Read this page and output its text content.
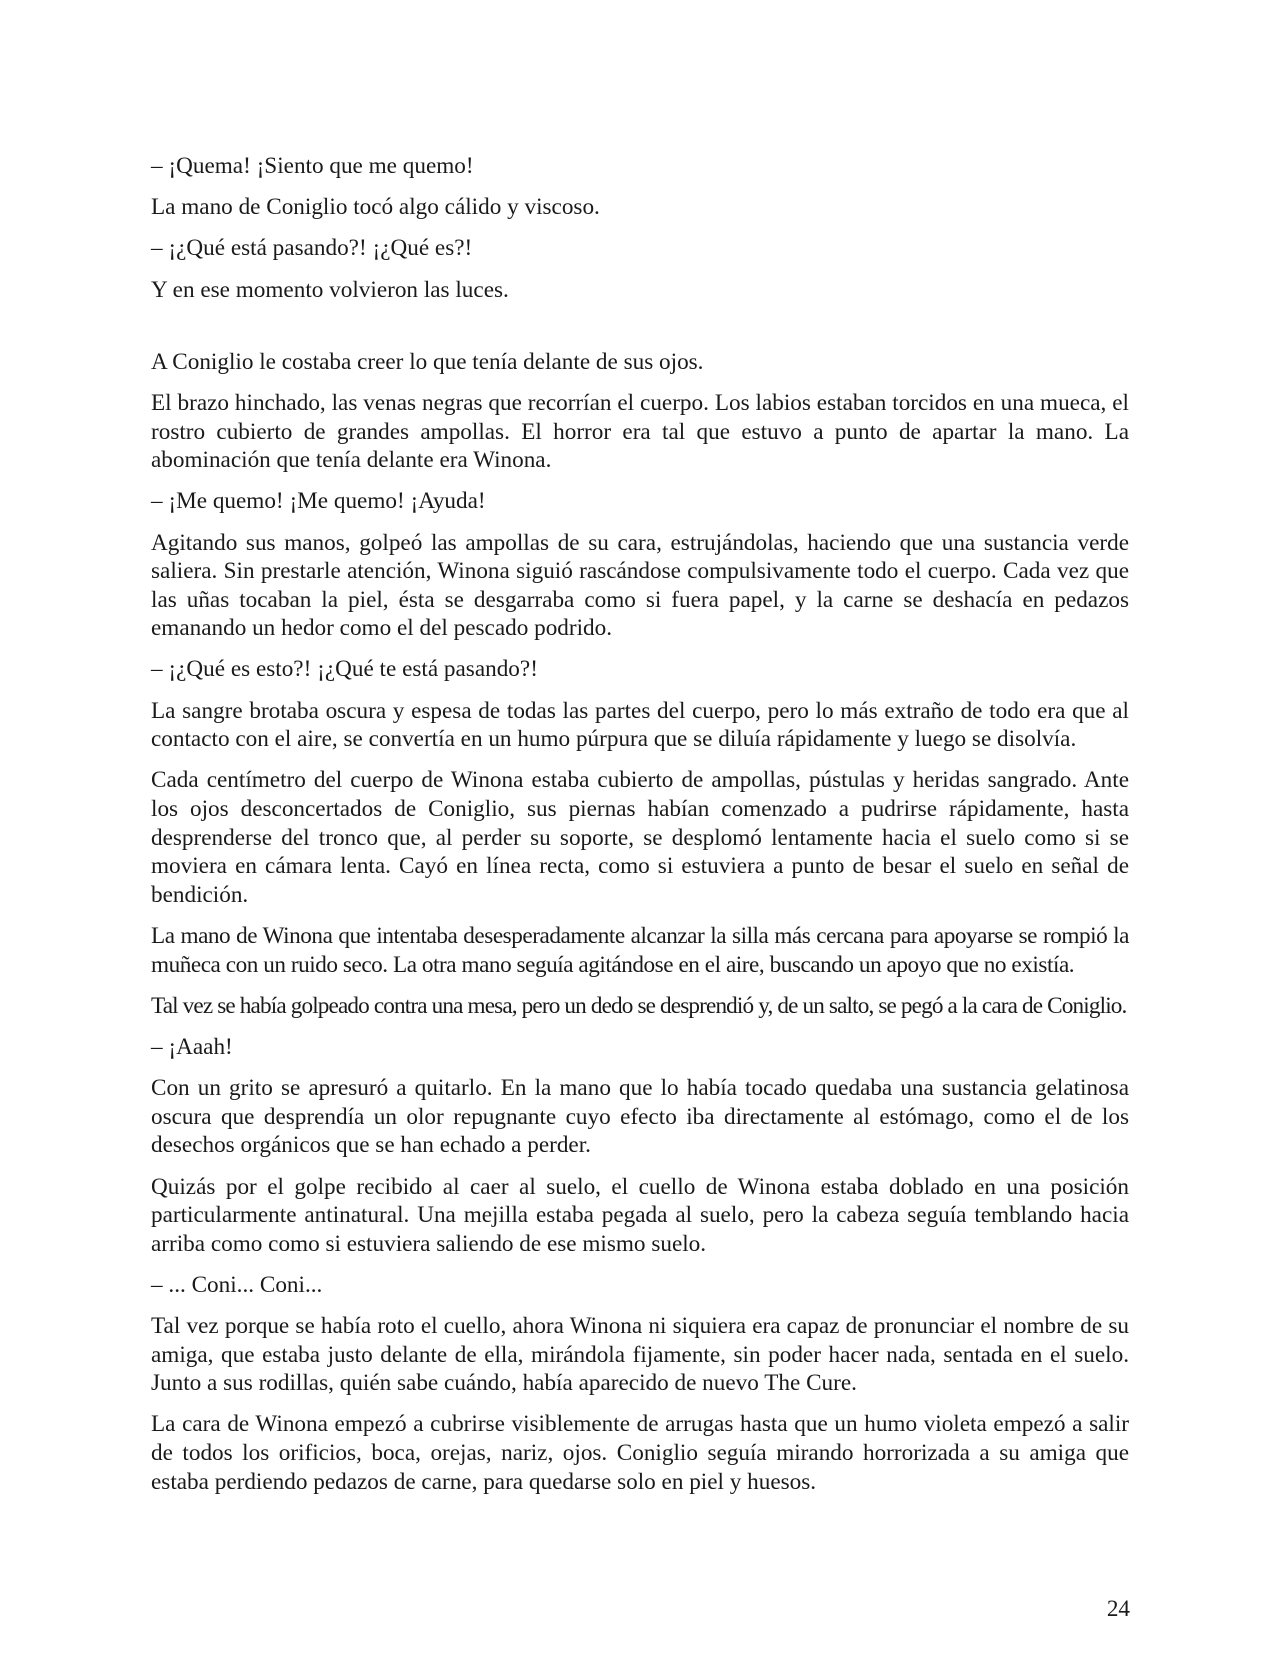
– ¡Quema! ¡Siento que me quemo!

La mano de Coniglio tocó algo cálido y viscoso.

– ¡¿Qué está pasando?! ¡¿Qué es?!

Y en ese momento volvieron las luces.

A Coniglio le costaba creer lo que tenía delante de sus ojos.

El brazo hinchado, las venas negras que recorrían el cuerpo. Los labios estaban torcidos en una mueca, el rostro cubierto de grandes ampollas. El horror era tal que estuvo a punto de apartar la mano. La abominación que tenía delante era Winona.

– ¡Me quemo! ¡Me quemo! ¡Ayuda!

Agitando sus manos, golpeó las ampollas de su cara, estrujándolas, haciendo que una sustancia verde saliera. Sin prestarle atención, Winona siguió rascándose compulsivamente todo el cuerpo. Cada vez que las uñas tocaban la piel, ésta se desgarraba como si fuera papel, y la carne se deshacía en pedazos emanando un hedor como el del pescado podrido.

– ¡¿Qué es esto?! ¡¿Qué te está pasando?!

La sangre brotaba oscura y espesa de todas las partes del cuerpo, pero lo más extraño de todo era que al contacto con el aire, se convertía en un humo púrpura que se diluía rápidamente y luego se disolvía.

Cada centímetro del cuerpo de Winona estaba cubierto de ampollas, pústulas y heridas sangrado. Ante los ojos desconcertados de Coniglio, sus piernas habían comenzado a pudrirse rápidamente, hasta desprenderse del tronco que, al perder su soporte, se desplomó lentamente hacia el suelo como si se moviera en cámara lenta. Cayó en línea recta, como si estuviera a punto de besar el suelo en señal de bendición.

La mano de Winona que intentaba desesperadamente alcanzar la silla más cercana para apoyarse se rompió la muñeca con un ruido seco. La otra mano seguía agitándose en el aire, buscando un apoyo que no existía.

Tal vez se había golpeado contra una mesa, pero un dedo se desprendió y, de un salto, se pegó a la cara de Coniglio.

– ¡Aaah!

Con un grito se apresuró a quitarlo. En la mano que lo había tocado quedaba una sustancia gelatinosa oscura que desprendía un olor repugnante cuyo efecto iba directamente al estómago, como el de los desechos orgánicos que se han echado a perder.

Quizás por el golpe recibido al caer al suelo, el cuello de Winona estaba doblado en una posición particularmente antinatural. Una mejilla estaba pegada al suelo, pero la cabeza seguía temblando hacia arriba como como si estuviera saliendo de ese mismo suelo.

– ... Coni... Coni...

Tal vez porque se había roto el cuello, ahora Winona ni siquiera era capaz de pronunciar el nombre de su amiga, que estaba justo delante de ella, mirándola fijamente, sin poder hacer nada, sentada en el suelo. Junto a sus rodillas, quién sabe cuándo, había aparecido de nuevo The Cure.

La cara de Winona empezó a cubrirse visiblemente de arrugas hasta que un humo violeta empezó a salir de todos los orificios, boca, orejas, nariz, ojos. Coniglio seguía mirando horrorizada a su amiga que estaba perdiendo pedazos de carne, para quedarse solo en piel y huesos.

24
